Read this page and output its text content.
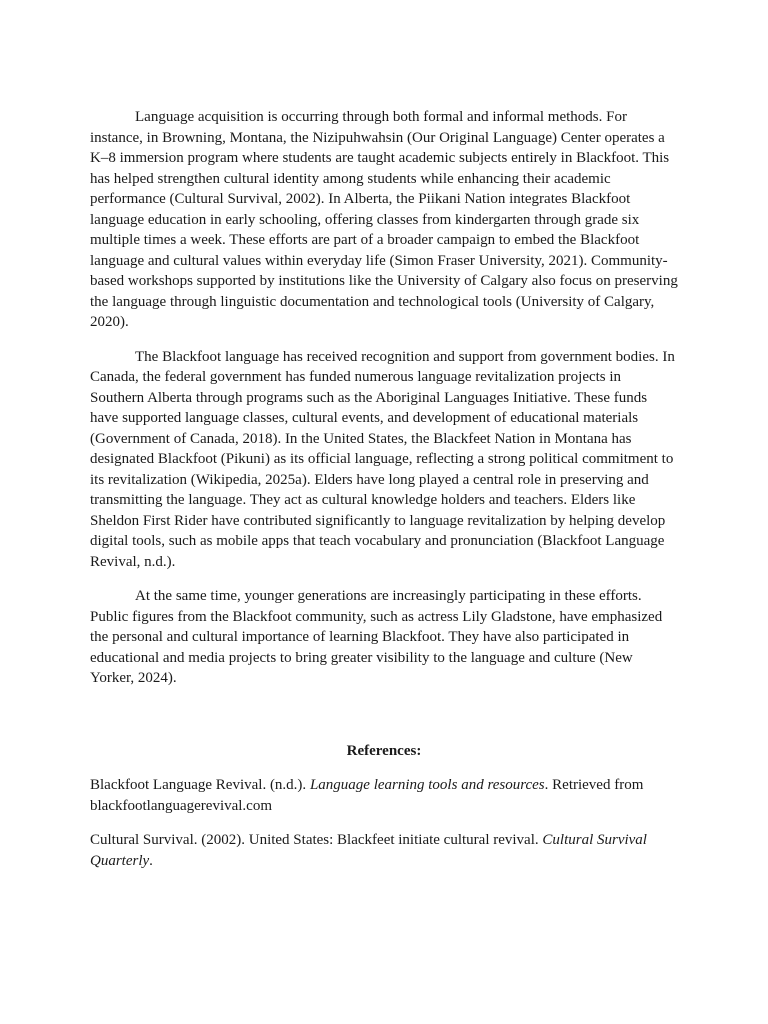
Language acquisition is occurring through both formal and informal methods. For instance, in Browning, Montana, the Nizipuhwahsin (Our Original Language) Center operates a K–8 immersion program where students are taught academic subjects entirely in Blackfoot. This has helped strengthen cultural identity among students while enhancing their academic performance (Cultural Survival, 2002). In Alberta, the Piikani Nation integrates Blackfoot language education in early schooling, offering classes from kindergarten through grade six multiple times a week. These efforts are part of a broader campaign to embed the Blackfoot language and cultural values within everyday life (Simon Fraser University, 2021). Community-based workshops supported by institutions like the University of Calgary also focus on preserving the language through linguistic documentation and technological tools (University of Calgary, 2020).

The Blackfoot language has received recognition and support from government bodies. In Canada, the federal government has funded numerous language revitalization projects in Southern Alberta through programs such as the Aboriginal Languages Initiative. These funds have supported language classes, cultural events, and development of educational materials (Government of Canada, 2018). In the United States, the Blackfeet Nation in Montana has designated Blackfoot (Pikuni) as its official language, reflecting a strong political commitment to its revitalization (Wikipedia, 2025a). Elders have long played a central role in preserving and transmitting the language. They act as cultural knowledge holders and teachers. Elders like Sheldon First Rider have contributed significantly to language revitalization by helping develop digital tools, such as mobile apps that teach vocabulary and pronunciation (Blackfoot Language Revival, n.d.).

At the same time, younger generations are increasingly participating in these efforts. Public figures from the Blackfoot community, such as actress Lily Gladstone, have emphasized the personal and cultural importance of learning Blackfoot. They have also participated in educational and media projects to bring greater visibility to the language and culture (New Yorker, 2024).

References:

Blackfoot Language Revival. (n.d.). Language learning tools and resources. Retrieved from blackfootlanguagerevival.com

Cultural Survival. (2002). United States: Blackfeet initiate cultural revival. Cultural Survival Quarterly.
